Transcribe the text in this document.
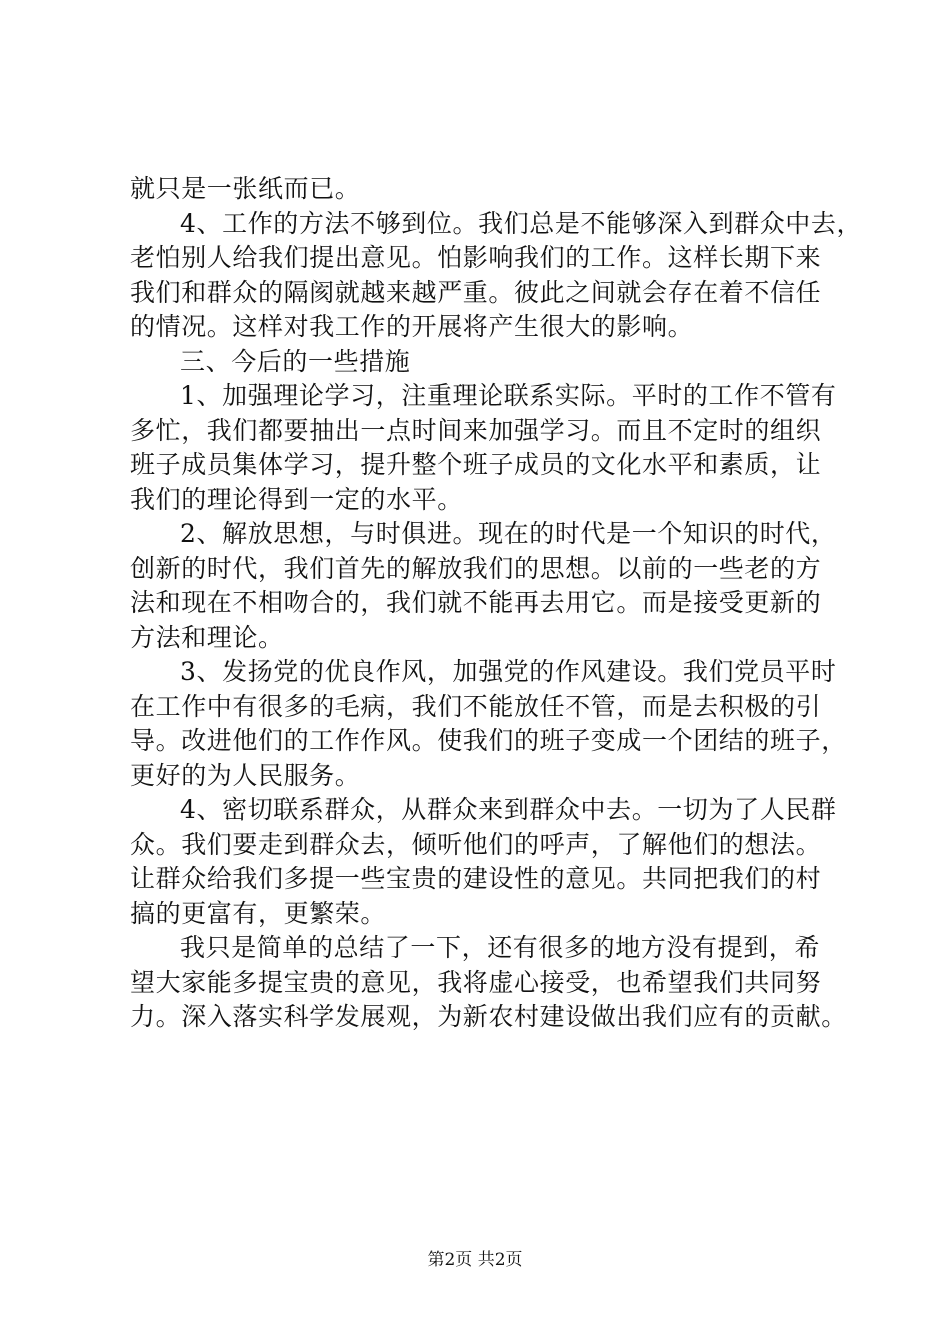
就只是一张纸而已。
4、工作的方法不够到位。我们总是不能够深入到群众中去，
老怕别人给我们提出意见。怕影响我们的工作。这样长期下来
我们和群众的隔阂就越来越严重。彼此之间就会存在着不信任
的情况。这样对我工作的开展将产生很大的影响。
三、今后的一些措施
1、加强理论学习，注重理论联系实际。平时的工作不管有
多忙，我们都要抽出一点时间来加强学习。而且不定时的组织
班子成员集体学习，提升整个班子成员的文化水平和素质，让
我们的理论得到一定的水平。
2、解放思想，与时俱进。现在的时代是一个知识的时代，
创新的时代，我们首先的解放我们的思想。以前的一些老的方
法和现在不相吻合的，我们就不能再去用它。而是接受更新的
方法和理论。
3、发扬党的优良作风，加强党的作风建设。我们党员平时
在工作中有很多的毛病，我们不能放任不管，而是去积极的引
导。改进他们的工作作风。使我们的班子变成一个团结的班子，
更好的为人民服务。
4、密切联系群众，从群众来到群众中去。一切为了人民群
众。我们要走到群众去，倾听他们的呼声，了解他们的想法。
让群众给我们多提一些宝贵的建设性的意见。共同把我们的村
搞的更富有，更繁荣。
我只是简单的总结了一下，还有很多的地方没有提到，希
望大家能多提宝贵的意见，我将虚心接受，也希望我们共同努
力。深入落实科学发展观，为新农村建设做出我们应有的贡献。
第2页 共2页
